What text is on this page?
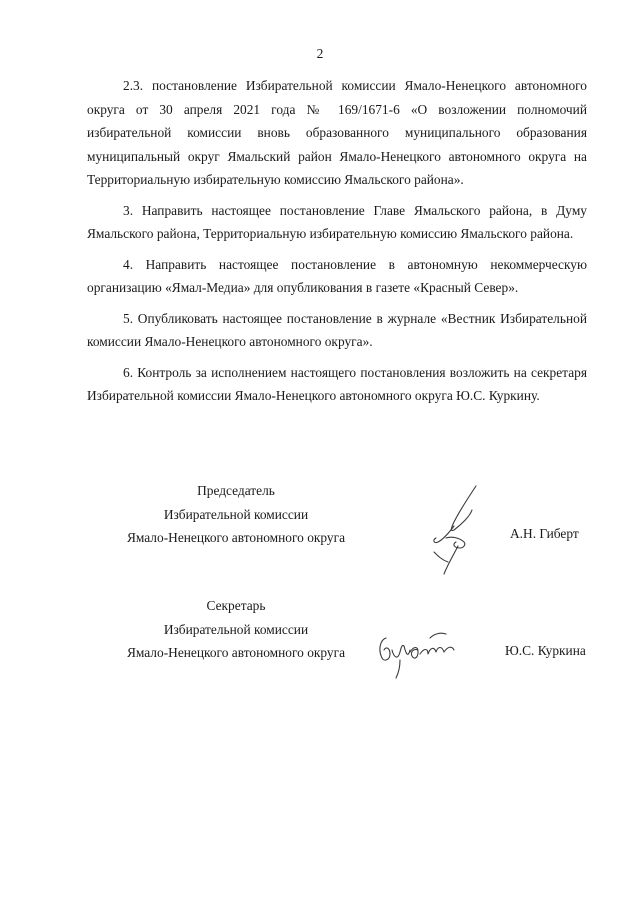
2

2.3. постановление Избирательной комиссии Ямало-Ненецкого автономного округа от 30 апреля 2021 года № 169/1671-6 «О возложении полномочий избирательной комиссии вновь образованного муниципального образования муниципальный округ Ямальский район Ямало-Ненецкого автономного округа на Территориальную избирательную комиссию Ямальского района».

3. Направить настоящее постановление Главе Ямальского района, в Думу Ямальского района, Территориальную избирательную комиссию Ямальского района.

4. Направить настоящее постановление в автономную некоммерческую организацию «Ямал-Медиа» для опубликования в газете «Красный Север».

5. Опубликовать настоящее постановление в журнале «Вестник Избирательной комиссии Ямало-Ненецкого автономного округа».

6. Контроль за исполнением настоящего постановления возложить на секретаря Избирательной комиссии Ямало-Ненецкого автономного округа Ю.С. Куркину.

Председатель
Избирательной комиссии
Ямало-Ненецкого автономного округа	А.Н. Гиберт
Секретарь
Избирательной комиссии
Ямало-Ненецкого автономного округа	Ю.С. Куркина
